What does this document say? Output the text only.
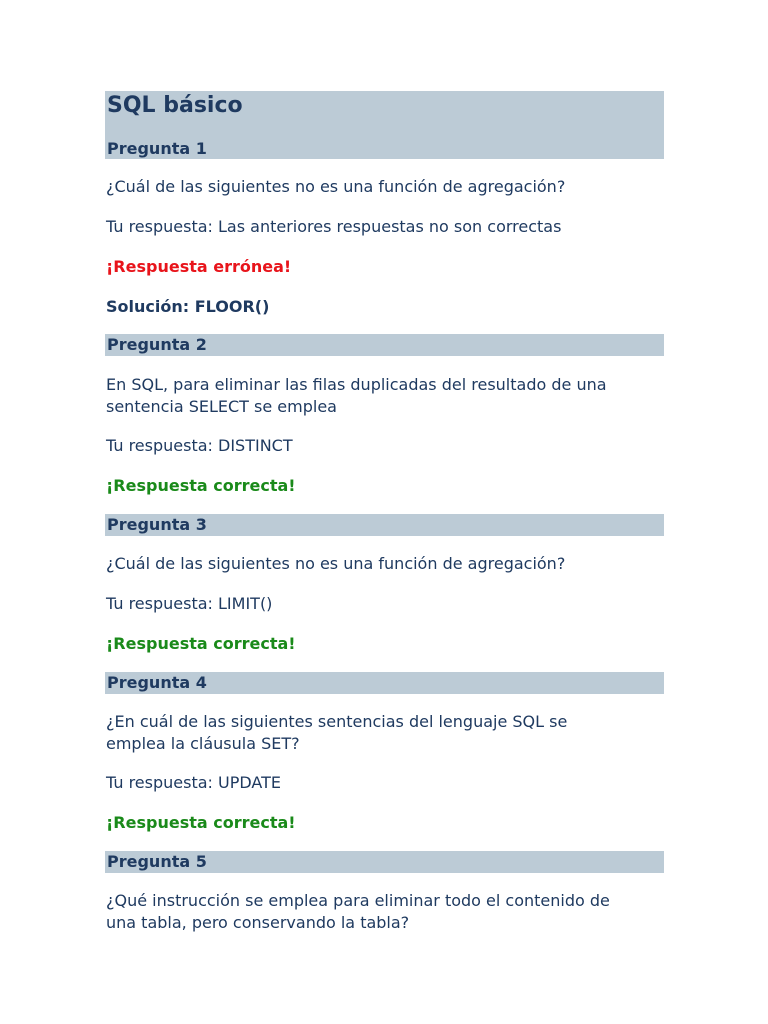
SQL básico
Pregunta 1

¿Cuál de las siguientes no es una función de agregación?

Tu respuesta: Las anteriores respuestas no son correctas

¡Respuesta errónea!

Solución: FLOOR()

Pregunta 2

En SQL, para eliminar las filas duplicadas del resultado de una

sentencia SELECT se emplea

Tu respuesta: DISTINCT

¡Respuesta correcta!

Pregunta 3

¿Cuál de las siguientes no es una función de agregación?

Tu respuesta: LIMIT()

¡Respuesta correcta!

Pregunta 4

¿En cuál de las siguientes sentencias del lenguaje SQL se

emplea la cláusula SET?

Tu respuesta: UPDATE

¡Respuesta correcta!

Pregunta 5

¿Qué instrucción se emplea para eliminar todo el contenido de

una tabla, pero conservando la tabla?
